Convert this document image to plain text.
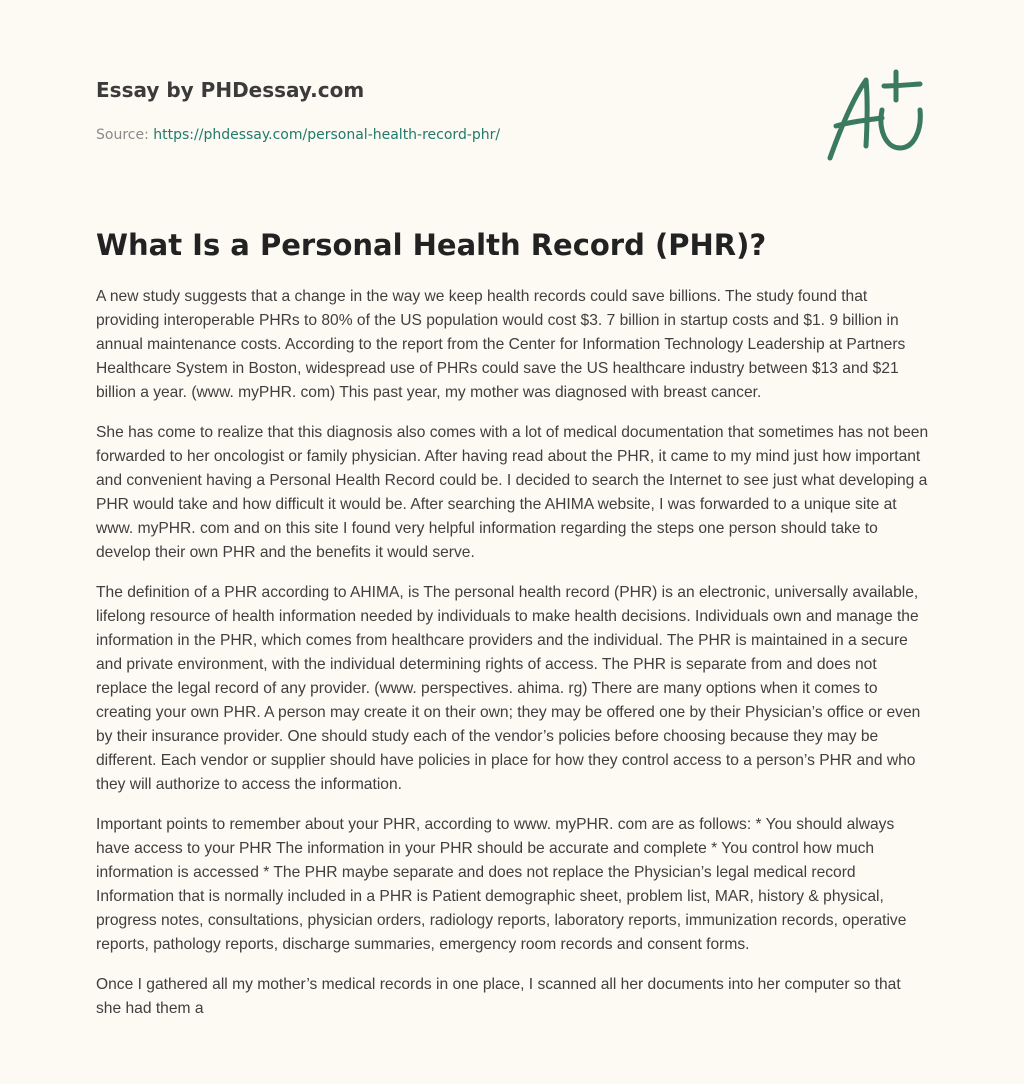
Essay by PHDessay.com
Source: https://phdessay.com/personal-health-record-phr/
What Is a Personal Health Record (PHR)?

A new study suggests that a change in the way we keep health records could save billions. The study found that providing interoperable PHRs to 80% of the US population would cost $3. 7 billion in startup costs and $1. 9 billion in annual maintenance costs. According to the report from the Center for Information Technology Leadership at Partners Healthcare System in Boston, widespread use of PHRs could save the US healthcare industry between $13 and $21 billion a year. (www. myPHR. com) This past year, my mother was diagnosed with breast cancer.

She has come to realize that this diagnosis also comes with a lot of medical documentation that sometimes has not been forwarded to her oncologist or family physician. After having read about the PHR, it came to my mind just how important and convenient having a Personal Health Record could be. I decided to search the Internet to see just what developing a PHR would take and how difficult it would be. After searching the AHIMA website, I was forwarded to a unique site at www. myPHR. com and on this site I found very helpful information regarding the steps one person should take to develop their own PHR and the benefits it would serve.

The definition of a PHR according to AHIMA, is The personal health record (PHR) is an electronic, universally available, lifelong resource of health information needed by individuals to make health decisions. Individuals own and manage the information in the PHR, which comes from healthcare providers and the individual. The PHR is maintained in a secure and private environment, with the individual determining rights of access. The PHR is separate from and does not replace the legal record of any provider. (www. perspectives. ahima. rg) There are many options when it comes to creating your own PHR. A person may create it on their own; they may be offered one by their Physician’s office or even by their insurance provider. One should study each of the vendor’s policies before choosing because they may be different. Each vendor or supplier should have policies in place for how they control access to a person’s PHR and who they will authorize to access the information.

Important points to remember about your PHR, according to www. myPHR. com are as follows: * You should always have access to your PHR The information in your PHR should be accurate and complete * You control how much information is accessed * The PHR maybe separate and does not replace the Physician’s legal medical record Information that is normally included in a PHR is Patient demographic sheet, problem list, MAR, history & physical, progress notes, consultations, physician orders, radiology reports, laboratory reports, immunization records, operative reports, pathology reports, discharge summaries, emergency room records and consent forms.

Once I gathered all my mother’s medical records in one place, I scanned all her documents into her computer so that she had them a
